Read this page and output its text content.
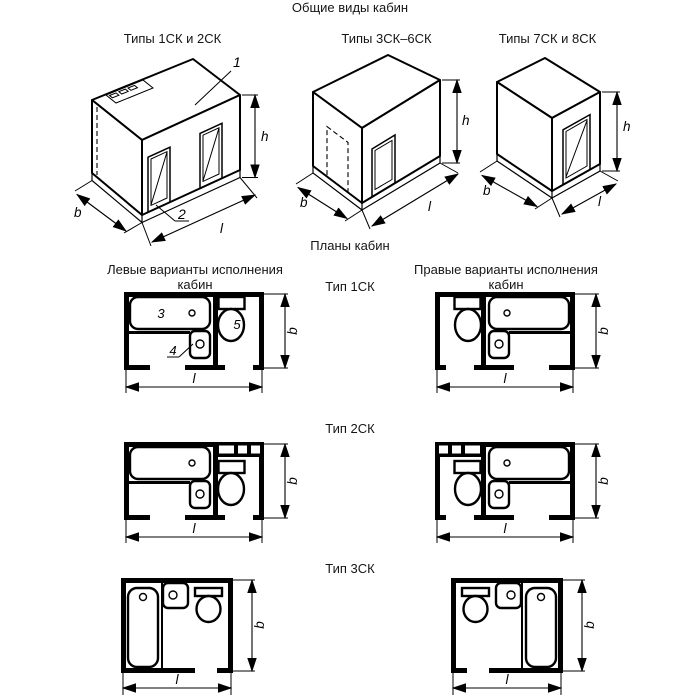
Общие виды кабин
Типы 1СК и 2СК	Типы 3СК–6СК	Типы 7СК и 8СК
Планы кабин
Левые варианты исполнения кабин
Правые варианты исполнения кабин
Тип 1СК
Тип 2СК
Тип 3СК
1
2
h
b
l
h
b	l
h
b
l
3
4
5	b
l
b
l
b
l
b
l
b
l
b
l
